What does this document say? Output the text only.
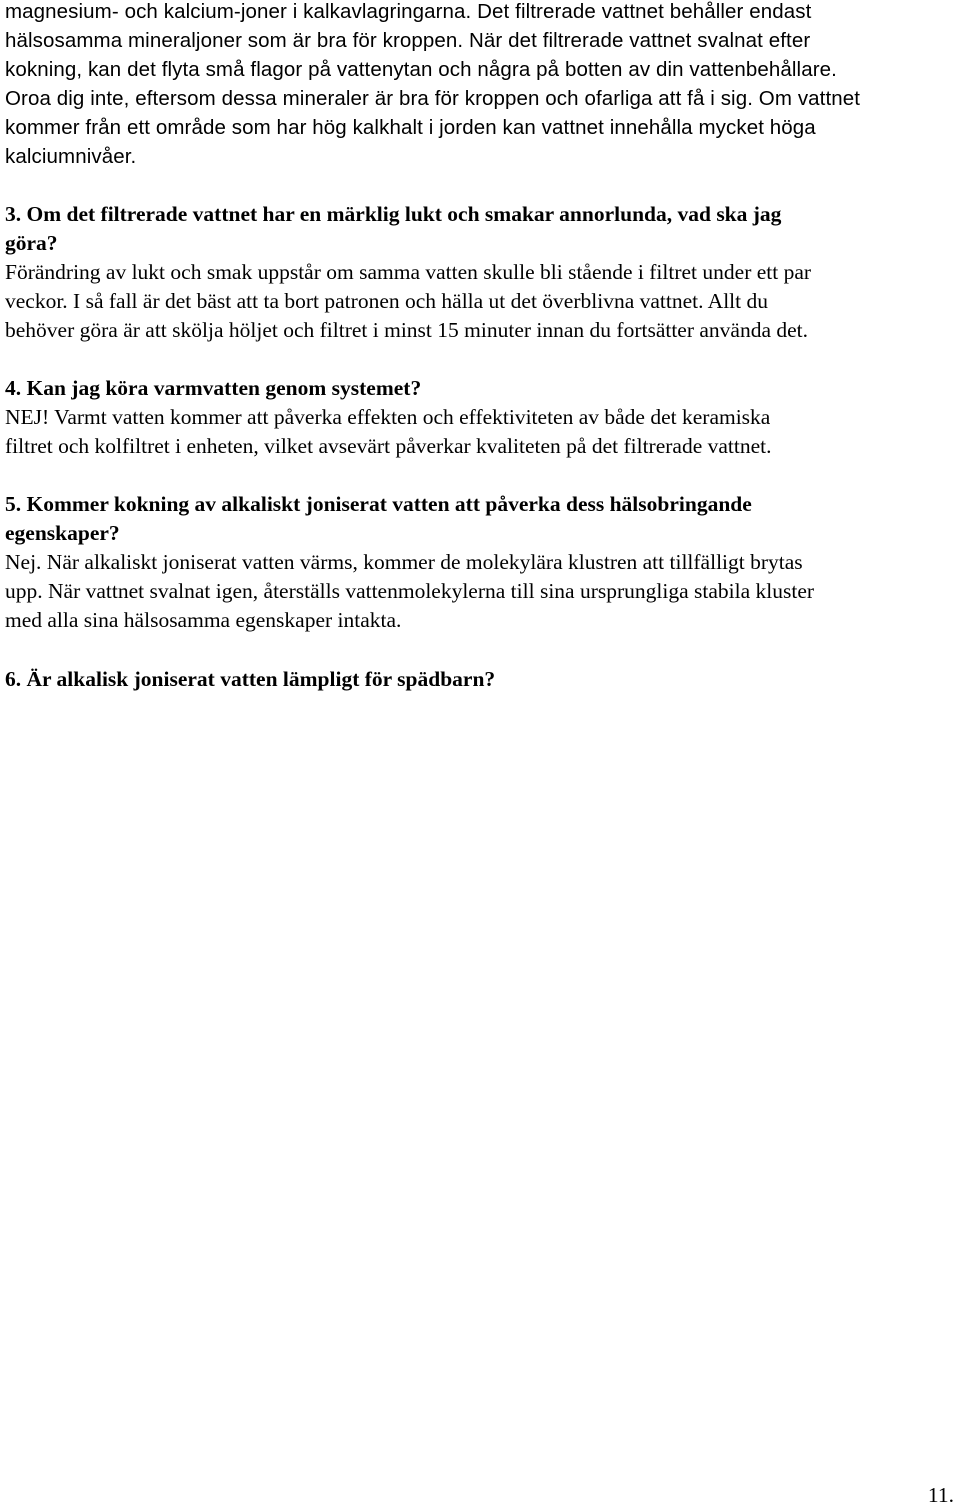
magnesium- och kalcium-joner i kalkavlagringarna. Det filtrerade vattnet behåller endast
hälsosamma mineraljoner som är bra för kroppen. När det filtrerade vattnet svalnat efter
kokning, kan det flyta små flagor på vattenytan och några på botten av din vattenbehållare.
Oroa dig inte, eftersom dessa mineraler är bra för kroppen och ofarliga att få i sig. Om vattnet
kommer från ett område som har hög kalkhalt i jorden kan vattnet innehålla mycket höga
kalciumnivåer.
3. Om det filtrerade vattnet har en märklig lukt och smakar annorlunda, vad ska jag
göra?
Förändring av lukt och smak uppstår om samma vatten skulle bli stående i filtret under ett par
veckor. I så fall är det bäst att ta bort patronen och hälla ut det överblivna vattnet. Allt du
behöver göra är att skölja höljet och filtret i minst 15 minuter innan du fortsätter använda det.
4. Kan jag köra varmvatten genom systemet?
NEJ! Varmt vatten kommer att påverka effekten och effektiviteten av både det keramiska
filtret och kolfiltret i enheten, vilket avsevärt påverkar kvaliteten på det filtrerade vattnet.
5. Kommer kokning av alkaliskt joniserat vatten att påverka dess hälsobringande
egenskaper?
Nej. När alkaliskt joniserat vatten värms, kommer de molekylära klustren att tillfälligt brytas
upp. När vattnet svalnat igen, återställs vattenmolekylerna till sina ursprungliga stabila kluster
med alla sina hälsosamma egenskaper intakta.
6. Är alkalisk joniserat vatten lämpligt för spädbarn?
11.
